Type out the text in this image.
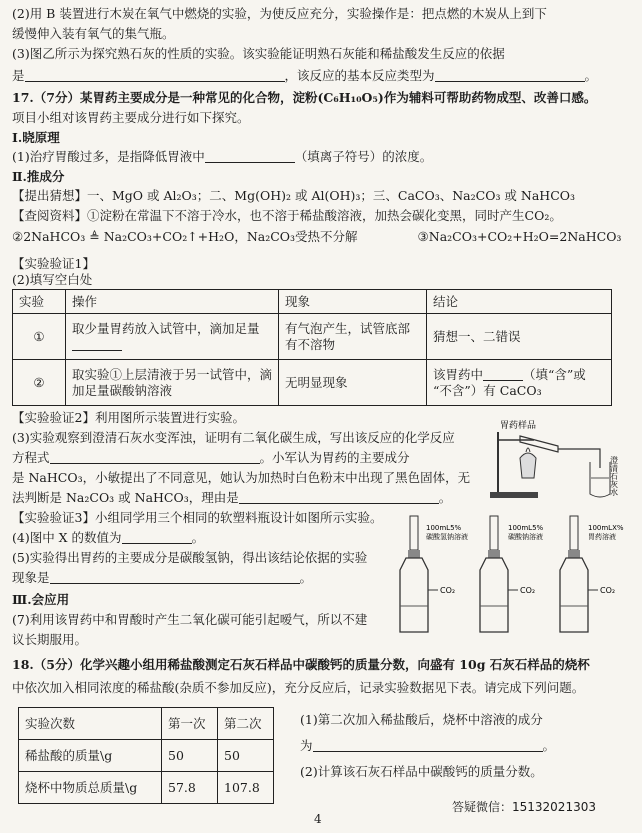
(2)用 B 装置进行木炭在氧气中燃烧的实验，为使反应充分，实验操作是：把点燃的木炭从上到下
缓慢伸入装有氧气的集气瓶。
(3)图乙所示为探究熟石灰的性质的实验。该实验能证明熟石灰能和稀盐酸发生反应的依据
是	，该反应的基本反应类型为	。
17.（7分）某胃药主要成分是一种常见的化合物，淀粉(C₆H₁₀O₅)作为辅料可帮助药物成型、改善口感。
项目小组对该胃药主要成分进行如下探究。
Ⅰ.晓原理
(1)治疗胃酸过多，是指降低胃液中	（填离子符号）的浓度。
Ⅱ.推成分
【提出猜想】一、MgO 或 Al₂O₃；二、Mg(OH)₂ 或 Al(OH)₃；三、CaCO₃、Na₂CO₃ 或 NaHCO₃
【查阅资料】①淀粉在常温下不溶于冷水，也不溶于稀盐酸溶液，加热会碳化变黑，同时产生CO₂。
②2NaHCO₃ ≜ Na₂CO₃+CO₂↑+H₂O，Na₂CO₃受热不分解	③Na₂CO₃+CO₂+H₂O=2NaHCO₃
【实验验证1】
(2)填写空白处
实验	操作	现象	结论
①	取少量胃药放入试管中，滴加足量	有气泡产生，试管底部有不溶物	猜想一、二错误
②	取实验①上层清液于另一试管中，滴加足量碳酸钠溶液	无明显现象	该胃药中 （填“含”或
“不含”）有 CaCO₃
【实验验证2】利用图所示装置进行实验。
(3)实验观察到澄清石灰水变浑浊，证明有二氧化碳生成，写出该反应的化学反应
方程式	。小军认为胃药的主要成分
是 NaHCO₃，小敏提出了不同意见，她认为加热时白色粉末中出现了黑色固体，无
法判断是 Na₂CO₃ 或 NaHCO₃，理由是	。
【实验验证3】小组同学用三个相同的软塑料瓶设计如图所示实验。
(4)图中 X 的数值为	。
(5)实验得出胃药的主要成分是碳酸氢钠，得出该结论依据的实验
现象是	。
Ⅲ.会应用
(7)利用该胃药中和胃酸时产生二氧化碳可能引起嗳气，所以不建
议长期服用。
18.（5分）化学兴趣小组用稀盐酸测定石灰石样品中碳酸钙的质量分数，向盛有 10g 石灰石样品的烧杯
中依次加入相同浓度的稀盐酸(杂质不参加反应)，充分反应后，记录实验数据见下表。请完成下列问题。
实验次数	第一次	第二次
稀盐酸的质量\g	50	50
烧杯中物质总质量\g	57.8	107.8
(1)第二次加入稀盐酸后，烧杯中溶液的成分
为	。
(2)计算该石灰石样品中碳酸钙的质量分数。
胃药样品
澄清石灰水
100mL5%
碳酸氢钠溶液
CO₂
100mL5%
碳酸钠溶液
CO₂
100mLX%
胃药溶液
CO₂
答疑微信：15132021303
4
